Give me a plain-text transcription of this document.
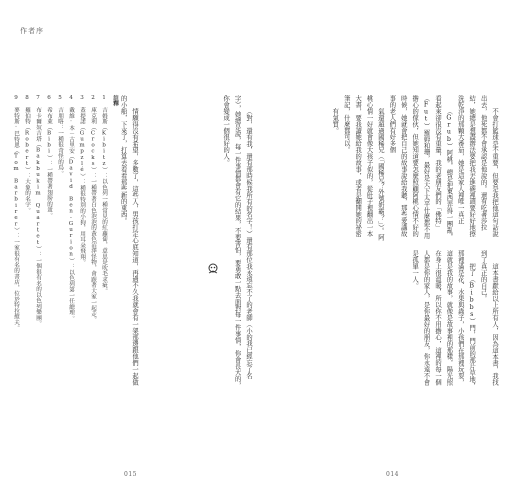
情願得沒有希望，多數了，這些人，男孩打定心底知道，再過不久我就會有一架那邊跟他們一起做的小船，下來了，打算去看看那些新的東西。	（對，還有我，還有那時候我所有的名字！）還有那位我永遠忘不了的老師（小的我已經忘了名字），她總是說，每一件事情都會有它的結果，不要害怕，要勇敢一點去面對每一件事情，你會長大的，你會變成一個很好的人。

註釋

1 吉姆斯（Kibitz）：以色列一種常見的紅蘿蔔，意思是吹毛求疵。

2 庫克利（Crocks）：一種帶著白色泡泡的黃色沼澤怪物，會跟著大家一起走。

3 蓋提諾（Gumpzlé）：種很特別的小狗，用耳朵飛翔。

4 戴維·本－古里安（David Ben-Gurion）：以色列第一任總理。

5 吉朋咯：一種很奇怪的鳥。

6 希布萊（Bibi）：一種帶著翅膀的蛋。

7 布卡爾奴吉塔（Bakbukim Quartet）：一個很有名的以色列樂團。

8 羅伯特（Robert）：大象的名字。

9 麥特斯·巴特恩（Tom Barbirer）：一家很有名的書店，位於特拉維夫。

015
作者序

不會打籃球是不重要，但要是我把他這句話說出去，他死都不會承認是他說的。還有吃著莎拉結，她總是想盡辦法要把我丟進碗裡頭要好好地擦洗乾淨的那顆大番茄，她是這家人裡唯一真正

（Grub）阿桃，總是把東西弄得一團亂，看起來卻很沒有重量，我的老朋友們的「佛特」（Fut）羅姆和珊，最好是天下太平什麼都不用擔心的傢伙，但她知道要怎麼照顧阿桃心情不好的時候，她就會把自己的故事說給我聽，那些愛講故事的老人們有好多個

氣還超過國稀兄（「國稀兄？外號奶霸？」）。阿桃心情一好就會像大孩子似的，從肚子裡翻出一本大書，要我讀她給我的故事，或者是翻開她的祕密筆記，什麼都可以。

有氣質。

這本書獻給以上所有人，因為這本書，我找到了真正的自己。

把了（Bibbs）門，門前的那片草地，那裡滿是花、水果與蟲子，小孩們在那裡玩耍，這就是我的故事，就像是故事裡的那樣，陽光照在身上很溫暖，所以你不用擔心，這裡的每一個人都是你的家人，是你最好的朋友，你永遠不會是孤單一人。

014
